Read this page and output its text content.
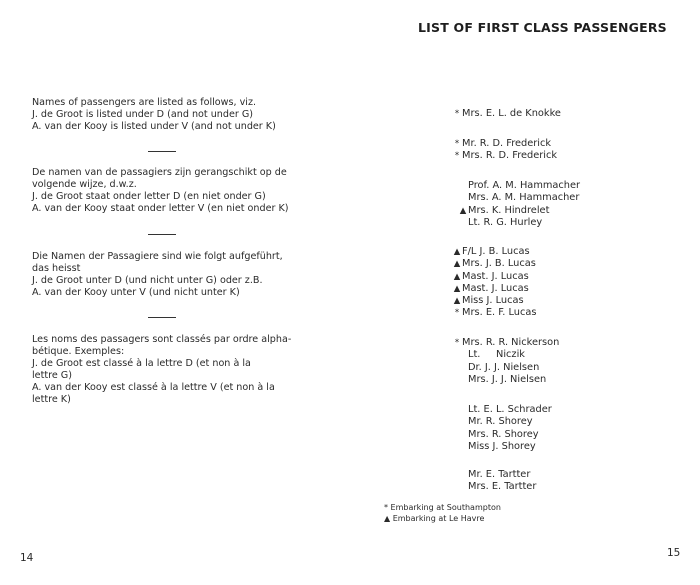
Names of passengers are listed as follows, viz.
J. de Groot is listed under D (and not under G)
A. van der Kooy is listed under V (and not under K)
De namen van de passagiers zijn gerangschikt op de
volgende wijze, d.w.z.
J. de Groot staat onder letter D (en niet onder G)
A. van der Kooy staat onder letter V (en niet onder K)
Die Namen der Passagiere sind wie folgt aufgeführt,
das heisst
J. de Groot unter D (und nicht unter G) oder z.B.
A. van der Kooy unter V (und nicht unter K)
Les noms des passagers sont classés par ordre alpha-
bétique. Exemples:
J. de Groot est classé à la lettre D (et non à la
lettre G)
A. van der Kooy est classé à la lettre V (et non à la
lettre K)
14
LIST OF FIRST CLASS PASSENGERS
* Mrs. E. L. de Knokke
* Mr. R. D. Frederick
* Mrs. R. D. Frederick
Prof. A. M. Hammacher
Mrs. A. M. Hammacher
▲ Mrs. K. Hindrelet
Lt. R. G. Hurley
▲ F/L J. B. Lucas
▲ Mrs. J. B. Lucas
▲ Mast. J. Lucas
▲ Mast. J. Lucas
▲ Miss J. Lucas
* Mrs. E. F. Lucas
* Mrs. R. R. Nickerson
Lt.     Niczik
Dr. J. J. Nielsen
Mrs. J. J. Nielsen
Lt. E. L. Schrader
Mr. R. Shorey
Mrs. R. Shorey
Miss J. Shorey
Mr. E. Tartter
Mrs. E. Tartter
* Embarking at Southampton
▲ Embarking at Le Havre
15
